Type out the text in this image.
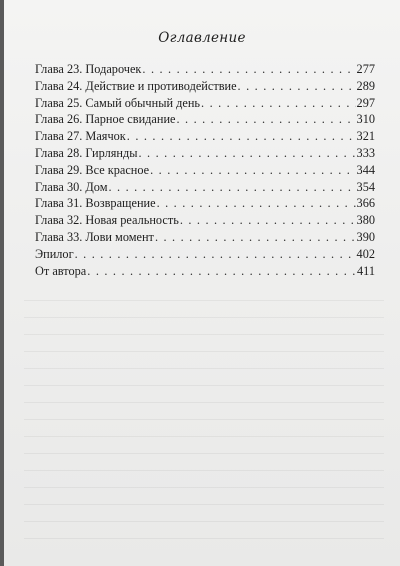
Оглавление
Глава 23. Подарочек . . .	277
Глава 24. Действие и противодействие . . .	289
Глава 25. Самый обычный день . . .	297
Глава 26. Парное свидание . . .	310
Глава 27. Маячок . . .	321
Глава 28. Гирлянды . . .	333
Глава 29. Все красное . . .	344
Глава 30. Дом . . .	354
Глава 31. Возвращение . . .	366
Глава 32. Новая реальность . . .	380
Глава 33. Лови момент . . .	390
Эпилог . . .	402
От автора . . .	411
